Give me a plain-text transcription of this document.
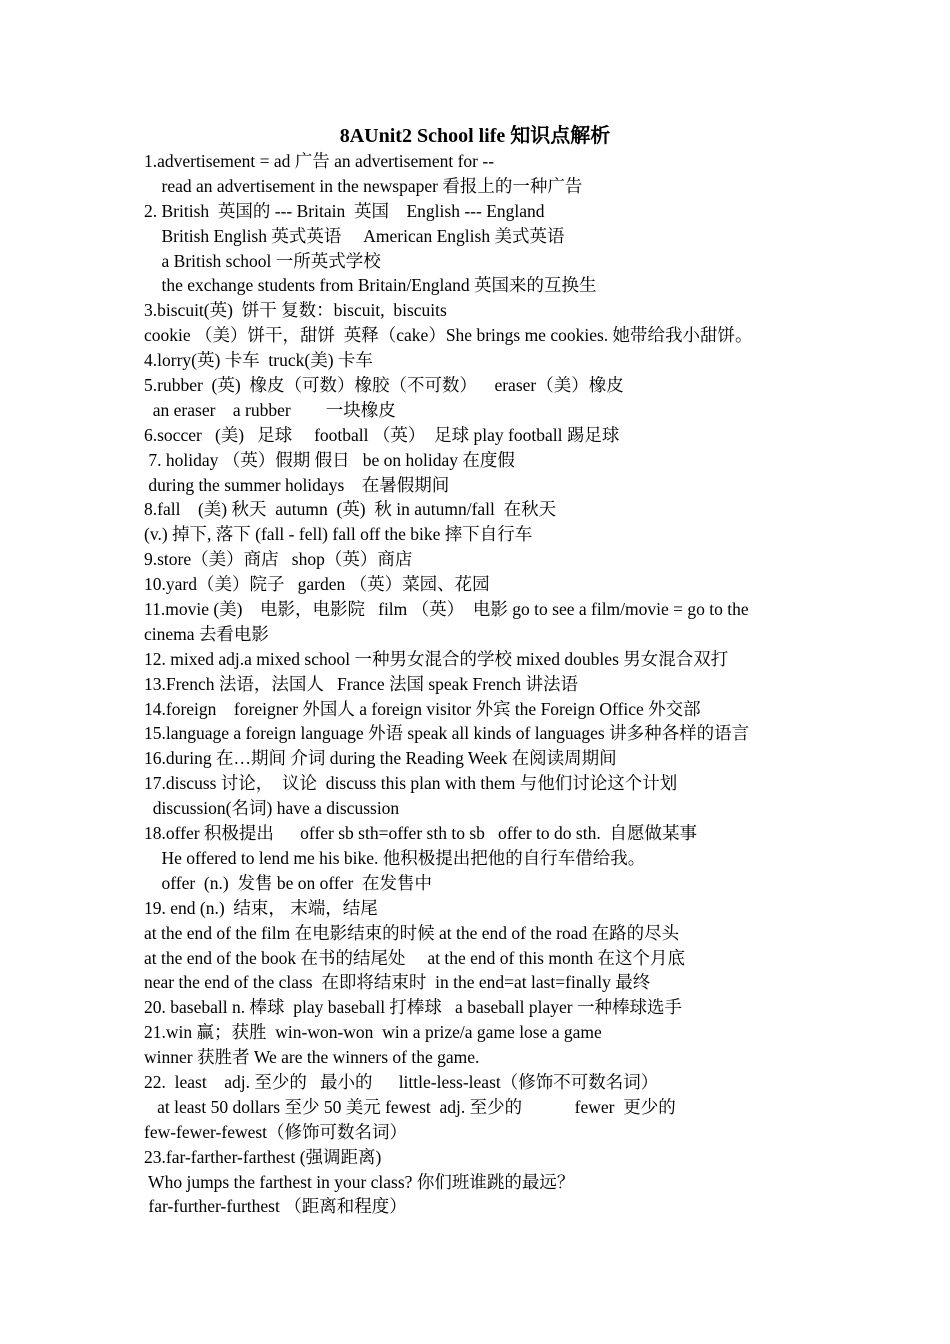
8AUnit2 School life 知识点解析
1.advertisement = ad 广告 an advertisement for --
read an advertisement in the newspaper 看报上的一种广告
2. British  英国的 --- Britain  英国    English --- England
British English 英式英语     American English 美式英语
a British school 一所英式学校
the exchange students from Britain/England 英国来的互换生
3.biscuit(英)  饼干 复数：biscuit,  biscuits
cookie （美）饼干，甜饼  英释（cake）She brings me cookies. 她带给我小甜饼。
4.lorry(英) 卡车  truck(美) 卡车
5.rubber  (英)  橡皮（可数）橡胶（不可数）    eraser（美）橡皮
an eraser    a rubber        一块橡皮
6.soccer   (美)   足球     football （英）  足球 play football 踢足球
7. holiday （英）假期 假日   be on holiday 在度假
during the summer holidays    在暑假期间
8.fall    (美) 秋天  autumn  (英)  秋 in autumn/fall  在秋天
(v.) 掉下, 落下 (fall - fell) fall off the bike 摔下自行车
9.store（美）商店   shop（英）商店
10.yard（美）院子   garden （英）菜园、花园
11.movie (美)    电影，电影院   film （英）  电影 go to see a film/movie = go to the
cinema 去看电影
12. mixed adj.a mixed school 一种男女混合的学校 mixed doubles 男女混合双打
13.French 法语，法国人   France 法国 speak French 讲法语
14.foreign    foreigner 外国人 a foreign visitor 外宾 the Foreign Office 外交部
15.language a foreign language 外语 speak all kinds of languages 讲多种各样的语言
16.during 在…期间 介词 during the Reading Week 在阅读周期间
17.discuss 讨论，  议论  discuss this plan with them 与他们讨论这个计划
discussion(名词) have a discussion
18.offer 积极提出      offer sb sth=offer sth to sb   offer to do sth.  自愿做某事
He offered to lend me his bike. 他积极提出把他的自行车借给我。
offer  (n.)  发售 be on offer  在发售中
19. end (n.)  结束， 末端，结尾
at the end of the film 在电影结束的时候 at the end of the road 在路的尽头
at the end of the book 在书的结尾处     at the end of this month 在这个月底
near the end of the class  在即将结束时  in the end=at last=finally 最终
20. baseball n. 棒球  play baseball 打棒球   a baseball player 一种棒球选手
21.win 赢；获胜  win-won-won  win a prize/a game lose a game
winner 获胜者 We are the winners of the game.
22.  least    adj. 至少的   最小的      little-less-least（修饰不可数名词）
at least 50 dollars 至少 50 美元 fewest  adj. 至少的            fewer  更少的
few-fewer-fewest（修饰可数名词）
23.far-farther-farthest (强调距离)
Who jumps the farthest in your class? 你们班谁跳的最远？
far-further-furthest （距离和程度）
